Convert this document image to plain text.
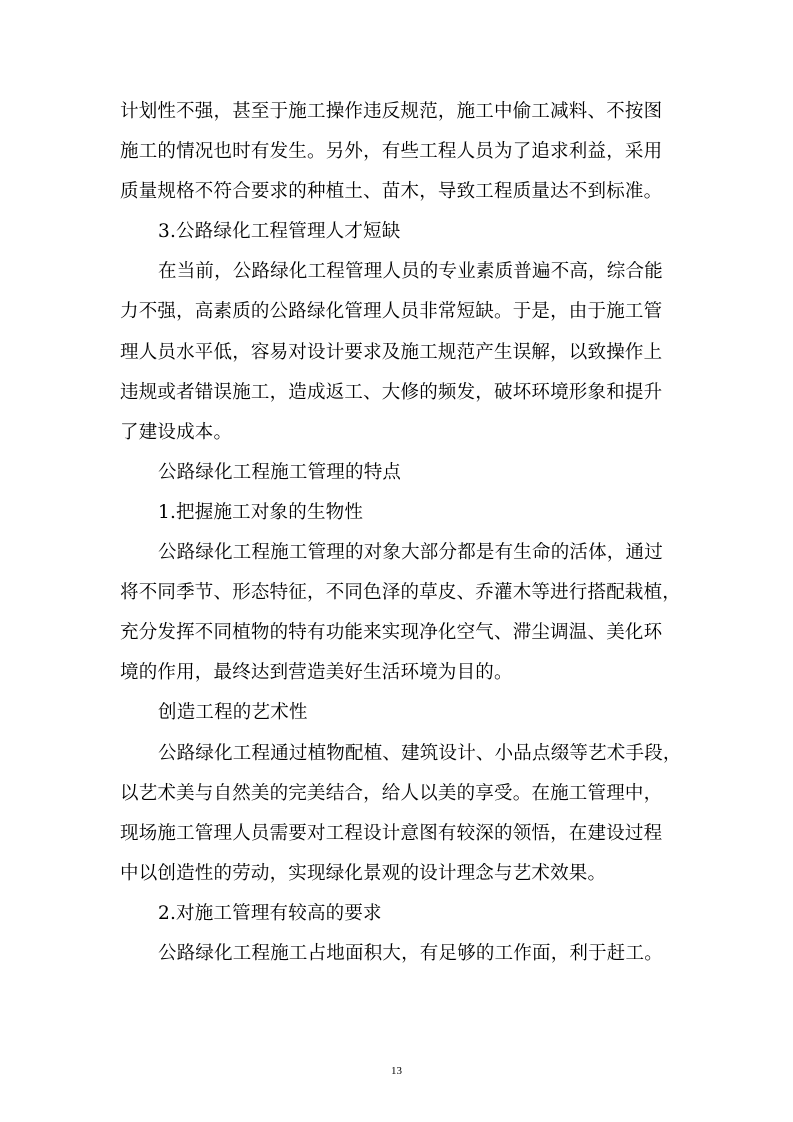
计划性不强，甚至于施工操作违反规范，施工中偷工减料、不按图
施工的情况也时有发生。另外，有些工程人员为了追求利益，采用
质量规格不符合要求的种植土、苗木，导致工程质量达不到标准。
3.公路绿化工程管理人才短缺
在当前，公路绿化工程管理人员的专业素质普遍不高，综合能
力不强，高素质的公路绿化管理人员非常短缺。于是，由于施工管
理人员水平低，容易对设计要求及施工规范产生误解，以致操作上
违规或者错误施工，造成返工、大修的频发，破坏环境形象和提升
了建设成本。
公路绿化工程施工管理的特点
1.把握施工对象的生物性
公路绿化工程施工管理的对象大部分都是有生命的活体，通过
将不同季节、形态特征，不同色泽的草皮、乔灌木等进行搭配栽植，
充分发挥不同植物的特有功能来实现净化空气、滞尘调温、美化环
境的作用，最终达到营造美好生活环境为目的。
创造工程的艺术性
公路绿化工程通过植物配植、建筑设计、小品点缀等艺术手段，
以艺术美与自然美的完美结合，给人以美的享受。在施工管理中，
现场施工管理人员需要对工程设计意图有较深的领悟，在建设过程
中以创造性的劳动，实现绿化景观的设计理念与艺术效果。
2.对施工管理有较高的要求
公路绿化工程施工占地面积大，有足够的工作面，利于赶工。
13
